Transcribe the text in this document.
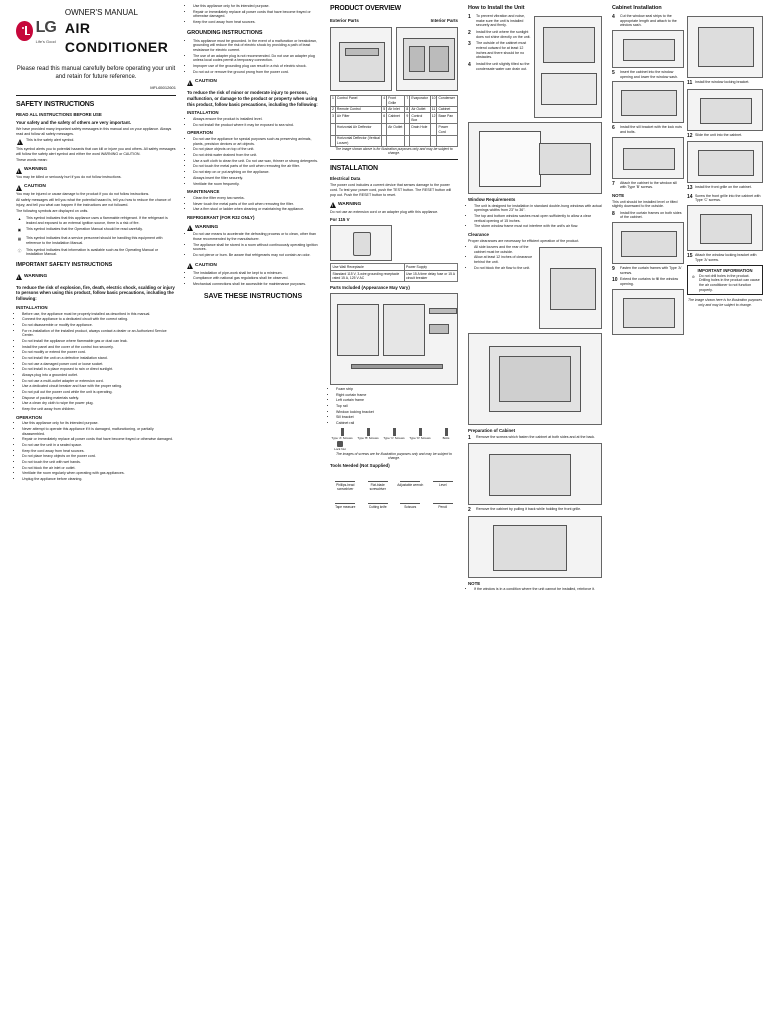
LG
Life's Good
OWNER'S MANUAL
AIR CONDITIONER
Please read this manual carefully before operating your unit and retain for future reference.
MFL65012601
SAFETY INSTRUCTIONS
READ ALL INSTRUCTIONS BEFORE USE
Your safety and the safety of others are very important.

We have provided many important safety messages in this manual and on your appliance. Always read and follow all safety messages.

!
This is the safety alert symbol.

This symbol alerts you to potential hazards that can kill or injure you and others. All safety messages will follow the safety alert symbol and either the word WARNING or CAUTION.

These words mean:

!
WARNING

You may be killed or seriously hurt if you do not follow instructions.

!
CAUTION

You may be injured or cause damage to the product if you do not follow instructions.

All safety messages will tell you what the potential hazard is, tell you how to reduce the chance of injury, and tell you what can happen if the instructions are not followed.

The following symbols are displayed on units.

▲	This symbol indicates that this appliance uses a flammable refrigerant. If the refrigerant is leaked and exposed to an external ignition source, there is a risk of fire.
▣	This symbol indicates that the Operation Manual should be read carefully.
▦	This symbol indicates that a service personnel should be handling this equipment with reference to the Installation Manual.
ⓘ	This symbol indicates that information is available such as the Operating Manual or Installation Manual.
IMPORTANT SAFETY INSTRUCTIONS
!
WARNING
To reduce the risk of explosion, fire, death, electric shock, scalding or injury to persons when using this product, follow basic precautions, including the following:
INSTALLATION
• Before use, the appliance must be properly installed as described in this manual.
• Connect the appliance to a dedicated circuit with the correct rating.
• Do not disassemble or modify the appliance.
• For re-installation of the installed product, always contact a dealer or an Authorized Service Center.
• Do not install the appliance where flammable gas or dust can leak.
• Install the panel and the cover of the control box securely.
• Do not modify or extend the power cord.
• Do not install the unit on a defective installation stand.
• Do not use a damaged power cord or loose socket.
• Do not install in a place exposed to rain or direct sunlight.
• Always plug into a grounded outlet.
• Do not use a multi-outlet adapter or extension cord.
• Use a dedicated circuit breaker and fuse with the proper rating.
• Do not pull out the power cord while the unit is operating.
• Dispose of packing materials safely.
• Use a clean dry cloth to wipe the power plug.
• Keep the unit away from children.
OPERATION
• Use this appliance only for its intended purpose.
• Never attempt to operate this appliance if it is damaged, malfunctioning, or partially disassembled.
• Repair or immediately replace all power cords that have become frayed or otherwise damaged.
• Do not use the unit in a sealed space.
• Keep the cord away from heat sources.
• Do not place heavy objects on the power cord.
• Do not touch the unit with wet hands.
• Do not block the air inlet or outlet.
• Ventilate the room regularly when operating with gas appliances.
• Unplug the appliance before cleaning.
• Use this appliance only for its intended purpose.
• Repair or immediately replace all power cords that have become frayed or otherwise damaged.
• Keep the cord away from heat sources.
GROUNDING INSTRUCTIONS
• This appliance must be grounded. In the event of a malfunction or breakdown, grounding will reduce the risk of electric shock by providing a path of least resistance for electric current.
• The use of an adapter plug is not recommended. Do not use an adapter plug unless local codes permit a temporary connection.
• Improper use of the grounding plug can result in a risk of electric shock.
• Do not cut or remove the ground prong from the power cord.
!
CAUTION
To reduce the risk of minor or moderate injury to persons, malfunction, or damage to the product or property when using this product, follow basic precautions, including the following:
INSTALLATION
• Always ensure the product is installed level.
• Do not install the product where it may be exposed to sea wind.
OPERATION
• Do not use the appliance for special purposes such as preserving animals, plants, precision devices or art objects.
• Do not place objects on top of the unit.
• Do not drink water drained from the unit.
• Use a soft cloth to clean the unit. Do not use wax, thinner or strong detergents.
• Do not touch the metal parts of the unit when removing the air filter.
• Do not step on or put anything on the appliance.
• Always insert the filter securely.
• Ventilate the room frequently.
MAINTENANCE
• Clean the filter every two weeks.
• Never touch the metal parts of the unit when removing the filter.
• Use a firm stool or ladder when cleaning or maintaining the appliance.
REFRIGERANT (FOR R32 ONLY)
!
WARNING
• Do not use means to accelerate the defrosting process or to clean, other than those recommended by the manufacturer.
• The appliance shall be stored in a room without continuously operating ignition sources.
• Do not pierce or burn. Be aware that refrigerants may not contain an odor.
!
CAUTION
• The installation of pipe-work shall be kept to a minimum.
• Compliance with national gas regulations shall be observed.
• Mechanical connections shall be accessible for maintenance purposes.
SAVE THESE INSTRUCTIONS
PRODUCT OVERVIEW
Exterior Parts	Interior Parts
1	Control Panel	4	Front Grille	7	Evaporator	10	Condenser
2	Remote Control	5	Air Inlet	8	Air Outlet	11	Cabinet
3	Air Filter	6	Cabinet	9	Control Box	12	Base Pan
	Horizontal Air Deflector		Air Outlet		Drain Hole		Power Cord
	Horizontal Deflector (Vertical Louver)						

The image shown above is for illustration purposes only and may be subject to change.

INSTALLATION
Electrical Data

The power cord includes a current device that senses damage to the power cord. To test your power cord, push the TEST button. The RESET button will pop out. Push the RESET button to reset.

!
WARNING

Do not use an extension cord or an adapter plug with this appliance.

For 115 V
Use Wall Receptacle	Power Supply
Standard 115 V, 3-wire grounding receptacle rated 15 A, 125 V AC	Use 15 A time delay fuse or 15 A circuit breaker
Parts Included (Appearance May Vary)
• Foam strip
• Right curtain frame
• Left curtain frame
• Top rail
• Window locking bracket
• Sill bracket
• Cabinet rail
Type 'A' Screws	Type 'B' Screws	Type 'C' Screws	Type 'D' Screws	Bolts
Lock Nut

The images of screws are for illustration purposes only and may be subject to change.

Tools Needed (Not Supplied)
Phillips-head screwdriver
Flat-blade screwdriver
Adjustable wrench	Level
Tape measure	Cutting knife	Scissors	Pencil
How to Install the Unit
1	To prevent vibration and noise, make sure the unit is installed securely and firmly.
2	Install the unit where the sunlight does not shine directly on the unit.
3	The outside of the cabinet must extend outward for at least 12 inches and there should be no obstacles.
4	Install the unit slightly tilted so the condensate water can drain out.
Window Requirements
• The unit is designed for installation in standard double-hung windows with actual openings widths from 23" to 36".
• The top and bottom window sashes must open sufficiently to allow a clear vertical opening of 15 inches.
• The storm window frame must not interfere with the unit's air flow.
Clearance

Proper clearances are necessary for efficient operation of the product.

• All side louvers and the rear of the cabinet must be outside.
• Allow at least 12 inches of clearance behind the unit.
• Do not block the air flow to the unit.
Preparation of Cabinet
1	Remove the screws which fasten the cabinet at both sides and at the back.
2	Remove the cabinet by pulling it back while holding the front grille.
NOTE
• If the window is in a condition where the unit cannot be installed, reinforce it.
Cabinet Installation
4	Cut the window seal strips to the appropriate length and attach to the window sash.
5	Insert the cabinet into the window opening and lower the window sash.
6	Install the sill bracket with the lock nuts and bolts.
7	Attach the cabinet to the window sill with Type 'B' screws.
NOTE

This unit should be installed level or tilted slightly downward to the outside.

8	Install the curtain frames on both sides of the cabinet.
9	Fasten the curtain frames with Type 'A' screws.
10 Extend the curtains to fill the window opening.
11 Install the window locking bracket.
12 Slide the unit into the cabinet.
13 Install the front grille on the cabinet.
14 Screw the front grille into the cabinet with Type 'C' screws.
15 Attach the window locking bracket with Type 'A' screw.
IMPORTANT INFORMATION
⊘	Do not drill holes in the product. Drilling holes in the product can cause the air conditioner to not function properly.

The image shown here is for illustration purposes only and may be subject to change.
